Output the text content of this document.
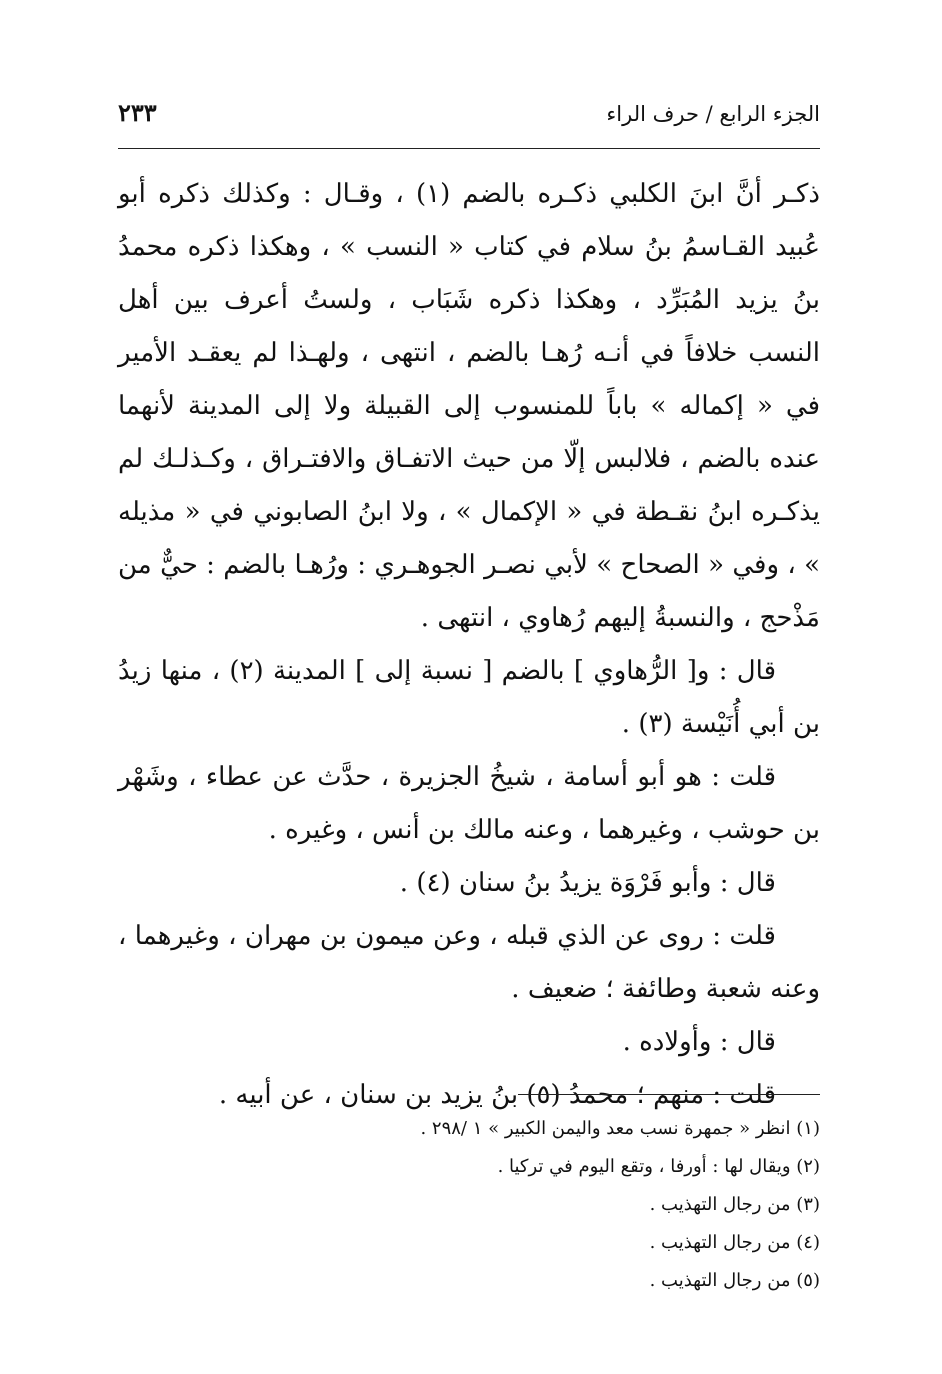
الجزء الرابع / حرف الراء
٢٣٣

ذكـر أنَّ ابنَ الكلبي ذكـره بالضم (١) ، وقـال : وكذلك ذكره أبو عُبيد القـاسمُ بنُ سلام في كتاب « النسب » ، وهكذا ذكره محمدُ بنُ يزيد المُبَرِّد ، وهكذا ذكره شَبَاب ، ولستُ أعرف بين أهل النسب خلافاً في أنـه رُهـا بالضم ، انتهى ، ولهـذا لم يعقـد الأمير في « إكماله » باباً للمنسوب إلى القبيلة ولا إلى المدينة لأنهما عنده بالضم ، فلالبس إلّا من حيث الاتفـاق والافتـراق ، وكـذلـك لم يذكـره ابنُ نقـطة في « الإكمال » ، ولا ابنُ الصابوني في « مذيله » ، وفي « الصحاح » لأبي نصـر الجوهـري : ورُهـا بالضم : حيٌّ من مَذْحج ، والنسبةُ إليهم رُهاوي ، انتهى .

قال : و[ الرُّهاوي ] بالضم [ نسبة إلى ] المدينة (٢) ، منها زيدُ بن أبي أُنَيْسة (٣) .

قلت : هو أبو أسامة ، شيخُ الجزيرة ، حدَّث عن عطاء ، وشَهْر بن حوشب ، وغيرهما ، وعنه مالك بن أنس ، وغيره .

قال : وأبو فَرْوَة يزيدُ بنُ سنان (٤) .

قلت : روى عن الذي قبله ، وعن ميمون بن مهران ، وغيرهما ، وعنه شعبة وطائفة ؛ ضعيف .

قال : وأولاده .

قلت : منهم ؛ محمدُ (٥) بنُ يزيد بن سنان ، عن أبيه .

(١) انظر « جمهرة نسب معد واليمن الكبير » ١ /٢٩٨ .

(٢) ويقال لها : أورفا ، وتقع اليوم في تركيا .

(٣) من رجال التهذيب .

(٤) من رجال التهذيب .

(٥) من رجال التهذيب .
